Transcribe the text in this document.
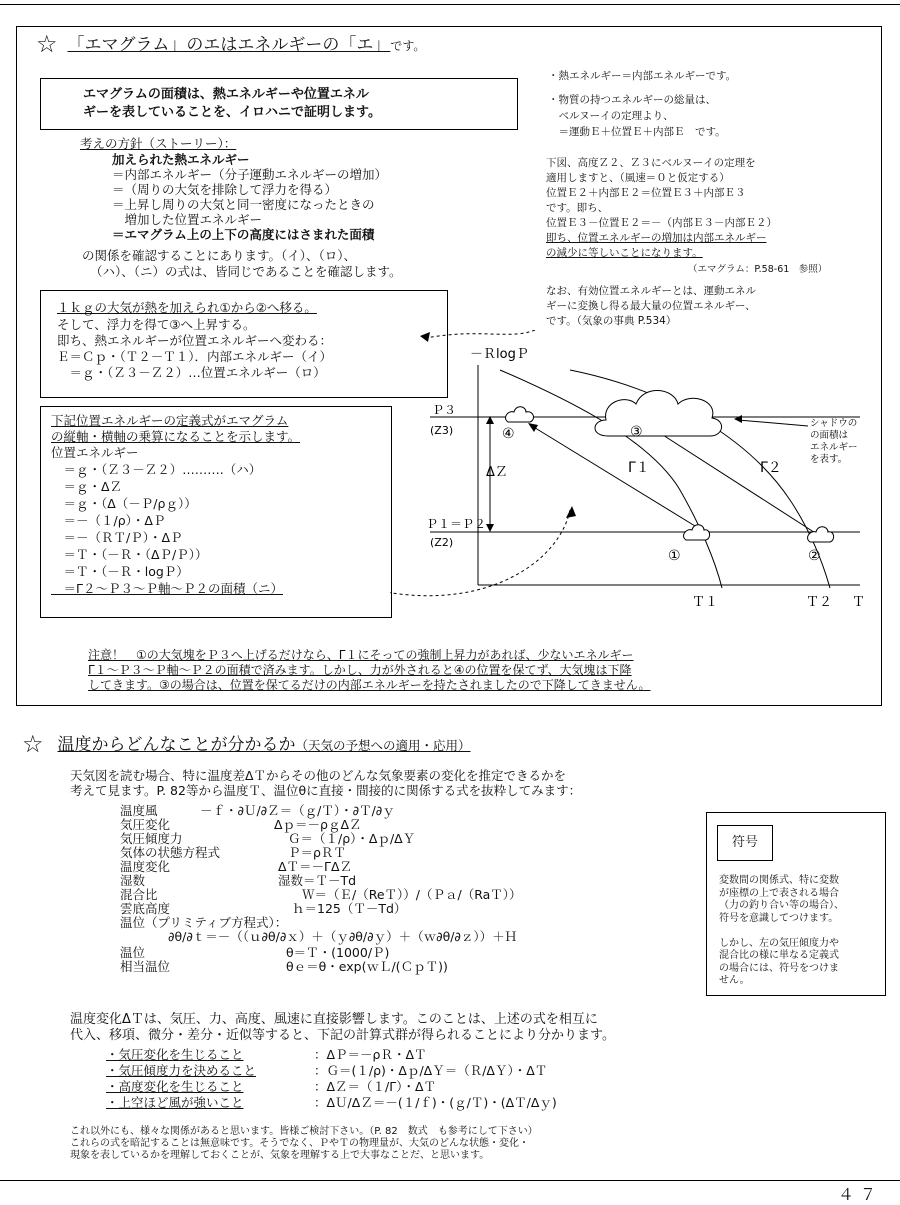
☆ 「エマグラム」のエはエネルギーの「エ」です。
エマグラムの面積は、熱エネルギーや位置エネル
ギーを表していることを、イロハニで証明します。
考えの方針（ストーリー）：
加えられた熱エネルギー
＝内部エネルギー（分子運動エネルギーの増加）
＝（周りの大気を排除して浮力を得る）
＝上昇し周りの大気と同一密度になったときの
　増加した位置エネルギー
＝エマグラム上の上下の高度にはさまれた面積
の関係を確認することにあります。（イ）、（ロ）、
（ハ）、（ニ）の式は、皆同じであることを確認します。
・熱エネルギー＝内部エネルギーです。
・物質の持つエネルギーの総量は、
　ベルヌーイの定理より、
　＝運動Ｅ＋位置Ｅ＋内部Ｅ　です。
下図、高度Ｚ２、Ｚ３にベルヌーイの定理を
適用しますと、（風速＝０と仮定する）
位置Ｅ２＋内部Ｅ２＝位置Ｅ３＋内部Ｅ３
です。即ち、
位置Ｅ３－位置Ｅ２＝－（内部Ｅ３－内部Ｅ２）
即ち、位置エネルギーの増加は内部エネルギー
の減少に等しいことになります。
（エマグラム：P.58-61　参照）
なお、有効位置エネルギーとは、運動エネル
ギーに変換し得る最大量の位置エネルギー、
です。（気象の事典 P.534）
１ｋｇの大気が熱を加えられ①から②へ移る。
そして、浮力を得て③へ上昇する。
即ち、熱エネルギーが位置エネルギーへ変わる：
Ｅ＝Ｃｐ・（Ｔ２－Ｔ１）．内部エネルギー（イ）
　＝ｇ・（Ｚ３－Ｚ２）…位置エネルギー（ロ）
下記位置エネルギーの定義式がエマグラム
の縦軸・横軸の乗算になることを示します。
位置エネルギー
　＝ｇ・（Ｚ３－Ｚ２）……….（ハ）
　＝ｇ・ΔＺ
　＝ｇ・（Δ（－Ｐ/ρｇ））
　＝－（１/ρ）・ΔＰ
　＝－（ＲＴ/Ｐ）・ΔＰ
　＝Ｔ・（－Ｒ・（ΔＰ/Ｐ））
　＝Ｔ・（－Ｒ・logＰ）
　＝Γ２～Ｐ３～Ｐ軸～Ｐ２の面積（ニ）
－ＲlogＰ
Ｐ３
(Z3)
ΔＺ
Ｐ１＝Ｐ２
(Z2)
Γ１	Γ２
Ｔ１	Ｔ２ Ｔ
①	②
③
④
シャドウの
の面積は
エネルギー
を表す。
注意！　①の大気塊をＰ３へ上げるだけなら、Γ１にそっての強制上昇力があれば、少ないエネルギー
Γ１～Ｐ３～Ｐ軸～Ｐ２の面積で済みます。しかし、力が外されると④の位置を保てず、大気塊は下降
してきます。③の場合は、位置を保てるだけの内部エネルギーを持たされましたので下降してきません。
☆ 温度からどんなことが分かるか（天気の予想への適用・応用）
天気図を読む場合、特に温度差ΔＴからその他のどんな気象要素の変化を推定できるかを
考えて見ます。P. 82等から温度Ｔ、温位θに直接・間接的に関係する式を抜粋してみます：
温度風	－ｆ・∂Ｕ/∂Ｚ＝（ｇ/Ｔ）・∂Ｔ/∂ｙ
気圧変化	Δｐ＝－ρｇΔＺ
気圧傾度力	Ｇ＝（１/ρ）・Δｐ/ΔＹ
気体の状態方程式	Ｐ＝ρＲＴ
温度変化	ΔＴ＝－ΓΔＺ
湿数	湿数＝Ｔ－Td
混合比	Ｗ＝（Ｅ/（ReＴ））/（Ｐａ/（RaＴ））
雲底高度	ｈ＝125（Ｔ－Td）
温位（プリミティブ方程式）：
∂θ/∂ｔ＝－（（ｕ∂θ/∂ｘ）＋（ｙ∂θ/∂ｙ）＋（ｗ∂θ/∂ｚ））＋Ｈ
温位	θ＝Ｔ・(1000/Ｐ)
相当温位	θｅ＝θ・exp(ｗＬ/(ＣｐＴ))
符号
変数間の関係式、特に変数
が座標の上で表される場合
（力の釣り合い等の場合）、
符号を意識してつけます。
しかし、左の気圧傾度力や
混合比の様に単なる定義式
の場合には、符号をつけま
せん。
温度変化ΔＴは、気圧、力、高度、風速に直接影響します。このことは、上述の式を相互に
代入、移項、微分・差分・近似等すると、下記の計算式群が得られることにより分かります。
・気圧変化を生じること	：ΔＰ＝－ρＲ・ΔＴ
・気圧傾度力を決めること	：Ｇ＝(１/ρ)・Δｐ/ΔＹ＝（Ｒ/ΔＹ）・ΔＴ
・高度変化を生じること	：ΔＺ＝（１/Γ）・ΔＴ
・上空ほど風が強いこと	：ΔＵ/ΔＺ＝－(１/ｆ)・(ｇ/Ｔ)・(ΔＴ/Δｙ)
これ以外にも、様々な関係があると思います。皆様ご検討下さい。（P. 82　数式　も参考にして下さい）
これらの式を暗記することは無意味です。そうでなく、ＰやＴの物理量が、大気のどんな状態・変化・
現象を表しているかを理解しておくことが、気象を理解する上で大事なことだ、と思います。
４７
